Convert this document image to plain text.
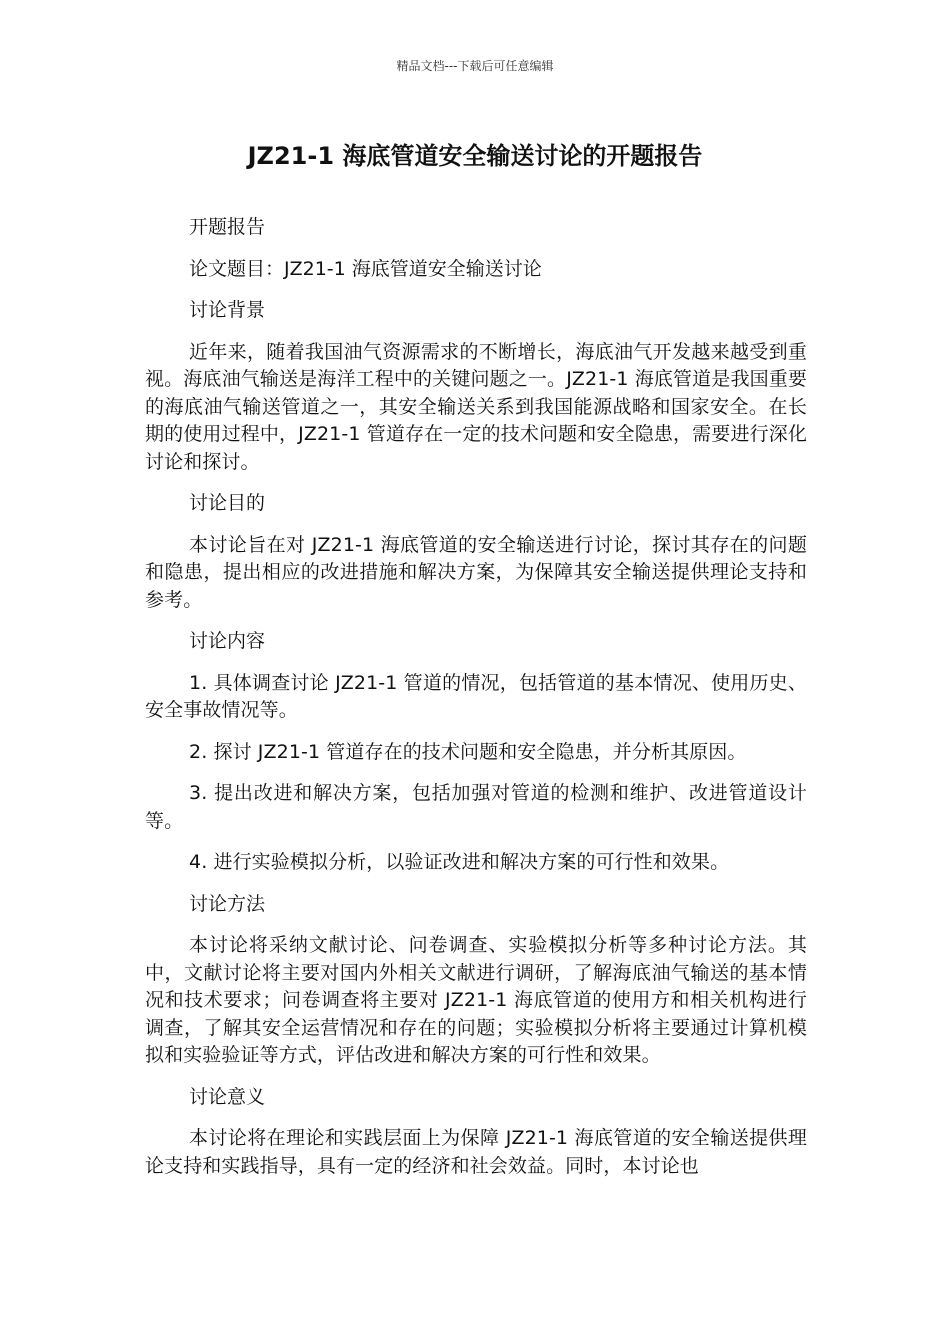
精品文档---下载后可任意编辑
JZ21-1 海底管道安全输送讨论的开题报告

开题报告

论文题目：JZ21-1 海底管道安全输送讨论

讨论背景

近年来，随着我国油气资源需求的不断增长，海底油气开发越来越受到重视。海底油气输送是海洋工程中的关键问题之一。JZ21-1 海底管道是我国重要的海底油气输送管道之一，其安全输送关系到我国能源战略和国家安全。在长期的使用过程中，JZ21-1 管道存在一定的技术问题和安全隐患，需要进行深化讨论和探讨。

讨论目的

本讨论旨在对 JZ21-1 海底管道的安全输送进行讨论，探讨其存在的问题和隐患，提出相应的改进措施和解决方案，为保障其安全输送提供理论支持和参考。

讨论内容

1. 具体调查讨论 JZ21-1 管道的情况，包括管道的基本情况、使用历史、安全事故情况等。

2. 探讨 JZ21-1 管道存在的技术问题和安全隐患，并分析其原因。

3. 提出改进和解决方案，包括加强对管道的检测和维护、改进管道设计等。

4. 进行实验模拟分析，以验证改进和解决方案的可行性和效果。

讨论方法

本讨论将采纳文献讨论、问卷调查、实验模拟分析等多种讨论方法。其中，文献讨论将主要对国内外相关文献进行调研，了解海底油气输送的基本情况和技术要求；问卷调查将主要对 JZ21-1 海底管道的使用方和相关机构进行调查，了解其安全运营情况和存在的问题；实验模拟分析将主要通过计算机模拟和实验验证等方式，评估改进和解决方案的可行性和效果。

讨论意义

本讨论将在理论和实践层面上为保障 JZ21-1 海底管道的安全输送提供理论支持和实践指导，具有一定的经济和社会效益。同时，本讨论也
